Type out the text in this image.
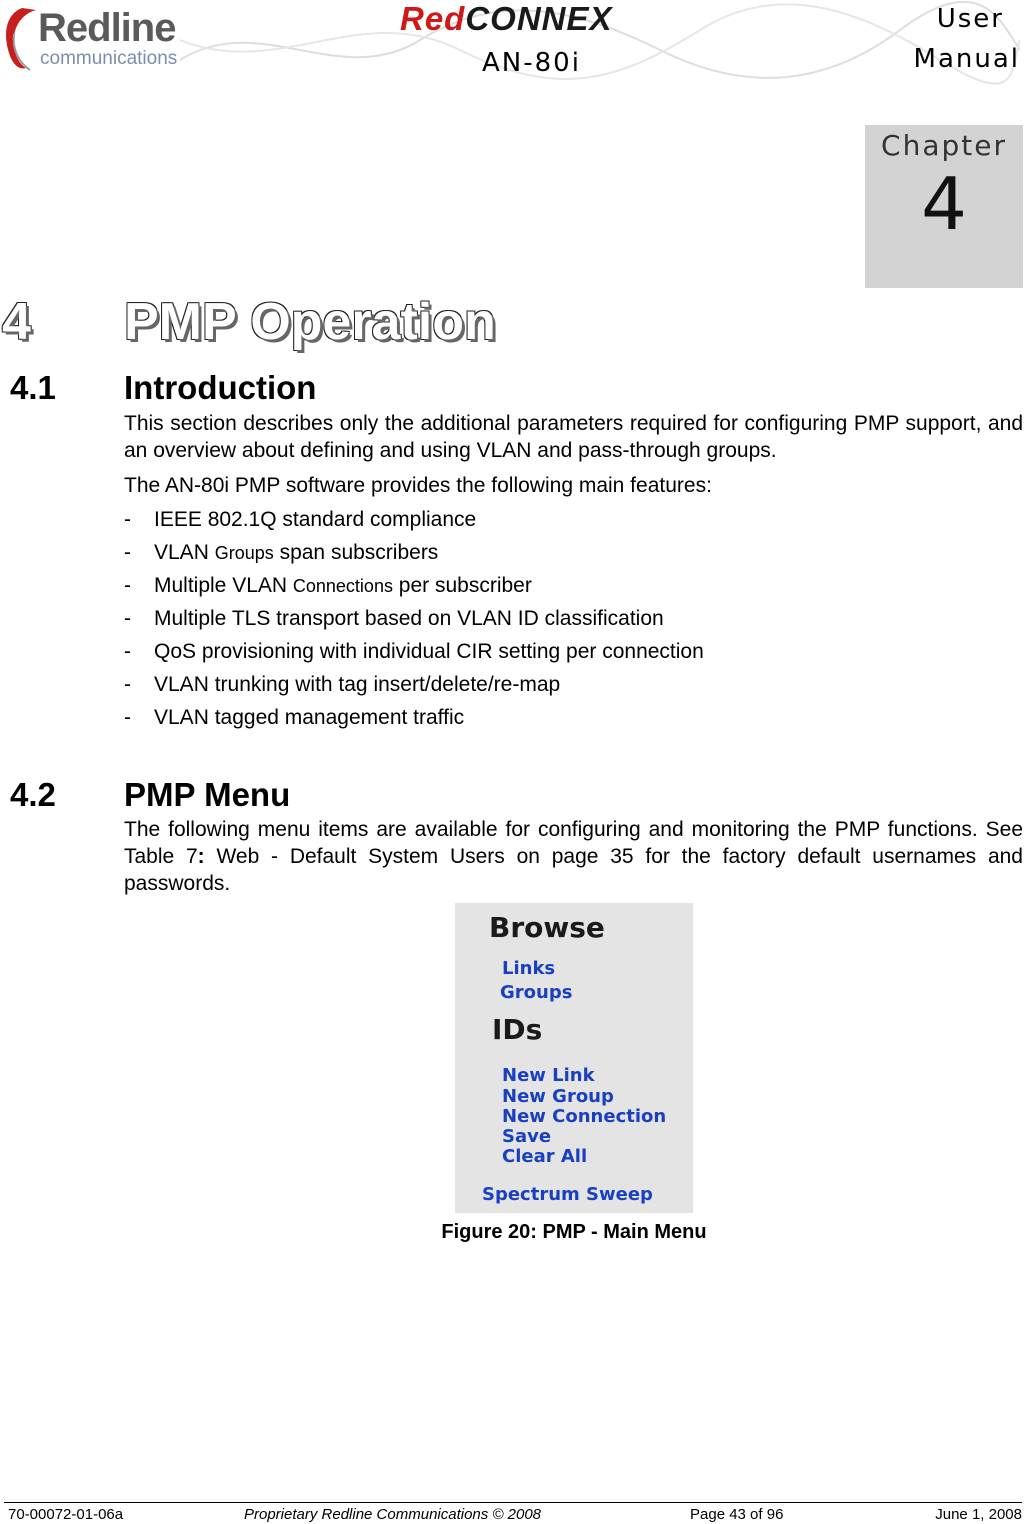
Redline
communications
RedCONNEX
AN-80i
User
Manual
Chapter
4
4 PMP Operation
4.1 Introduction
This section describes only the additional parameters required for configuring PMP support, and an overview about defining and using VLAN and pass-through groups.
The AN-80i PMP software provides the following main features:
- IEEE 802.1Q standard compliance
- VLAN Groups span subscribers
- Multiple VLAN Connections per subscriber
- Multiple TLS transport based on VLAN ID classification
- QoS provisioning with individual CIR setting per connection
- VLAN trunking with tag insert/delete/re-map
- VLAN tagged management traffic
4.2 PMP Menu
The following menu items are available for configuring and monitoring the PMP functions. See Table 7: Web - Default System Users on page 35 for the factory default usernames and passwords.
Browse
Links
Groups
IDs
New Link
New Group
New Connection
Save
Clear All
Spectrum Sweep
Figure 20: PMP - Main Menu
70-00072-01-06a	Proprietary Redline Communications © 2008	Page 43 of 96	June 1, 2008
